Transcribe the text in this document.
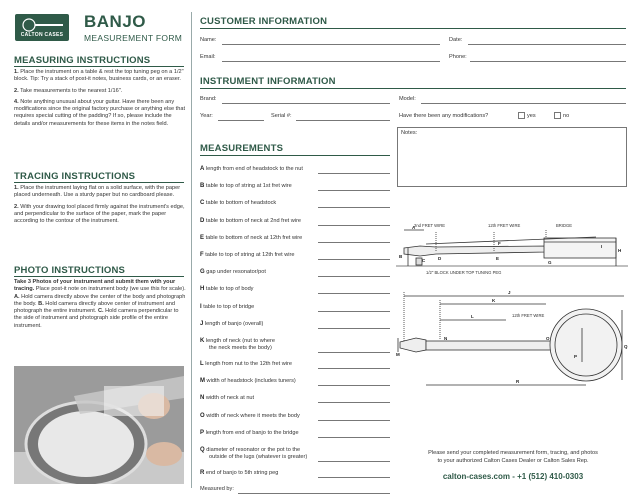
CALTON CASES
BANJO
MEASUREMENT FORM
MEASURING INSTRUCTIONS
1. Place the instrument on a table & rest the top tuning peg on a 1/2" block. Tip: Try a stack of post-it notes, business cards, or an eraser.
2. Take measurements to the nearest 1/16".
4. Note anything unusual about your guitar. Have there been any modifications since the original factory purchase or anything else that requires special cutting of the padding? If so, please include the details and/or measurements for these items in the notes field.
TRACING INSTRUCTIONS
1. Place the instrument laying flat on a solid surface, with the paper placed underneath. Use a sturdy paper but no cardboard please.
2. With your drawing tool placed firmly against the instrument's edge, and perpendicular to the surface of the paper, mark the paper according to the contour of the instrument.
PHOTO INSTRUCTIONS
Take 3 Photos of your instrument and submit them with your tracing. Place post-it note on instrument body (we use this for scale). A. Hold camera directly above the center of the body and photograph the body. B. Hold camera directly above center of instrument and photograph the entire instrument. C. Hold camera perpendicular to the side of instrument and photograph side profile of the entire instrument.
CUSTOMER INFORMATION
Name:	Date:
Email:	Phone:
INSTRUMENT INFORMATION
Brand:	Model:
Year:	Serial #:	Have there been any modifications?	yes	no
Notes:
MEASUREMENTS
A length from end of headstock to the nut
B table to top of string at 1st fret wire
C table to bottom of headstock
D table to bottom of neck at 2nd fret wire
E table to bottom of neck at 12th fret wire
F table to top of string at 12th fret wire
G gap under resonator/pot
H table to top of body
I table to top of bridge
J length of banjo (overall)
K length of neck (nut to where
the neck meets the body)
L length from nut to the 12th fret wire
M width of headstock (includes tuners)
N width of neck at nut
O width of neck where it meets the body
P length from end of banjo to the bridge
Q diameter of resonator or the pot to the
outside of the lugs (whatever is greater)
R end of banjo to 5th string peg
Measured by:
2nd FRET WIRE	12th FRET WIRE	BRIDGE
1/2" BLOCK UNDER TOP TUNING PEG
A
B
C	D	E
F
G
H
I
12th FRET WIRE
J
K
L
M
N	O
P
Q
R
Please send your completed measurement form, tracing, and photos
to your authorized Calton Cases Dealer or Calton Sales Rep.
calton-cases.com - +1 (512) 410-0303
